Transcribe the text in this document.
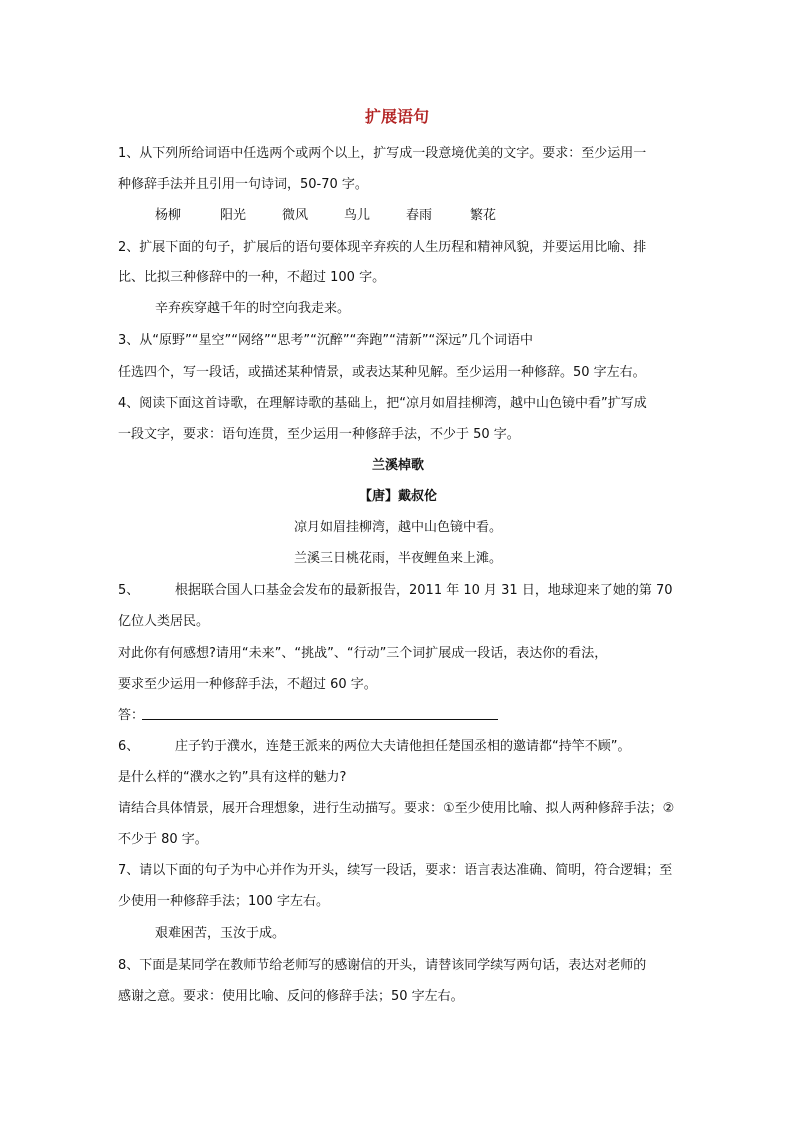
扩展语句
1、从下列所给词语中任选两个或两个以上，扩写成一段意境优美的文字。要求：至少运用一
种修辞手法并且引用一句诗词，50-70 字。
杨柳	阳光	微风	鸟儿	春雨	繁花
2、扩展下面的句子，扩展后的语句要体现辛弃疾的人生历程和精神风貌，并要运用比喻、排
比、比拟三种修辞中的一种，不超过 100 字。
辛弃疾穿越千年的时空向我走来。
3、从“原野”“星空”“网络”“思考”“沉醉”“奔跑”“清新”“深远”几个词语中
任选四个，写一段话，或描述某种情景，或表达某种见解。至少运用一种修辞。50 字左右。
4、阅读下面这首诗歌，在理解诗歌的基础上，把“凉月如眉挂柳湾，越中山色镜中看”扩写成
一段文字，要求：语句连贯，至少运用一种修辞手法，不少于 50 字。
兰溪棹歌
【唐】戴叔伦
凉月如眉挂柳湾，越中山色镜中看。
兰溪三日桃花雨，半夜鲤鱼来上滩。
5、	根据联合国人口基金会发布的最新报告，2011 年 10 月 31 日，地球迎来了她的第 70
亿位人类居民。
对此你有何感想?请用“未来”、“挑战”、“行动”三个词扩展成一段话，表达你的看法，
要求至少运用一种修辞手法，不超过 60 字。
答：
6、	庄子钓于濮水，连楚王派来的两位大夫请他担任楚国丞相的邀请都“持竿不顾”。
是什么样的“濮水之钓”具有这样的魅力?
请结合具体情景，展开合理想象，进行生动描写。要求：①至少使用比喻、拟人两种修辞手法；②
不少于 80 字。
7、请以下面的句子为中心并作为开头，续写一段话，要求：语言表达准确、简明，符合逻辑；至
少使用一种修辞手法；100 字左右。
艰难困苦，玉汝于成。
8、下面是某同学在教师节给老师写的感谢信的开头，请替该同学续写两句话，表达对老师的
感谢之意。要求：使用比喻、反问的修辞手法；50 字左右。
